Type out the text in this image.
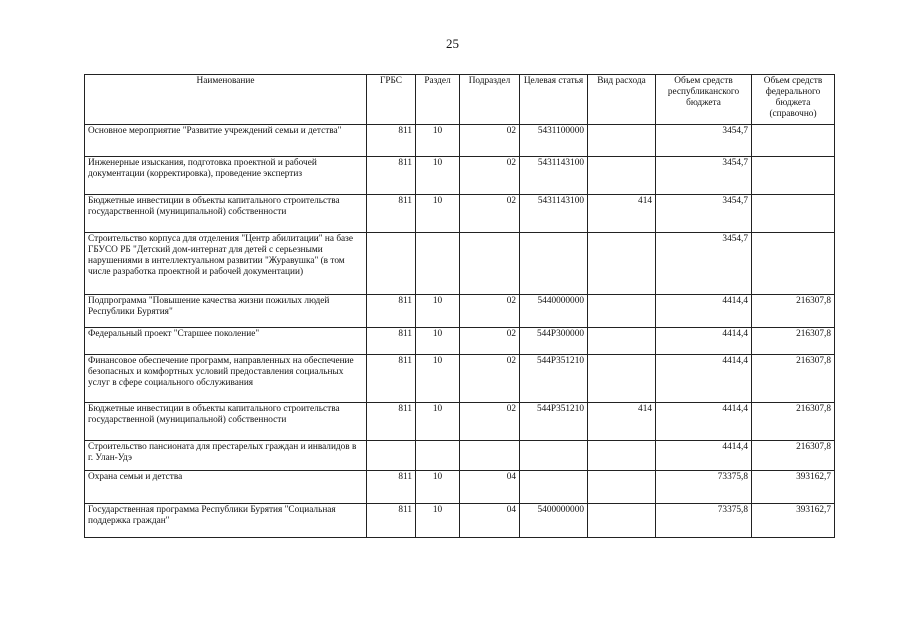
25
Наименование	ГРБС	Раздел	Подраздел	Целевая статья	Вид расхода	Объем средств республиканского бюджета	Объем средств федерального бюджета (справочно)
Основное мероприятие "Развитие учреждений семьи и детства"	811	10	02	5431100000		3454,7	
Инженерные изыскания, подготовка проектной и рабочей документации (корректировка), проведение экспертиз	811	10	02	5431143100		3454,7	
Бюджетные инвестиции в объекты капитального строительства государственной (муниципальной) собственности	811	10	02	5431143100	414	3454,7	
Строительство корпуса для отделения "Центр абилитации" на базе ГБУСО РБ "Детский дом-интернат для детей с серьезными нарушениями в интеллектуальном развитии "Журавушка" (в том числе разработка проектной и рабочей документации)						3454,7	
Подпрограмма "Повышение качества жизни пожилых людей Республики Бурятия"	811	10	02	5440000000		4414,4	216307,8
Федеральный проект "Старшее поколение"	811	10	02	544P300000		4414,4	216307,8
Финансовое обеспечение программ, направленных на обеспечение безопасных и комфортных условий предоставления социальных услуг в сфере социального обслуживания	811	10	02	544P351210		4414,4	216307,8
Бюджетные инвестиции в объекты капитального строительства государственной (муниципальной) собственности	811	10	02	544P351210	414	4414,4	216307,8
Строительство пансионата для престарелых граждан и инвалидов в г. Улан-Удэ						4414,4	216307,8
Охрана семьи и детства	811	10	04			73375,8	393162,7
Государственная программа Республики Бурятия "Социальная поддержка граждан"	811	10	04	5400000000		73375,8	393162,7
